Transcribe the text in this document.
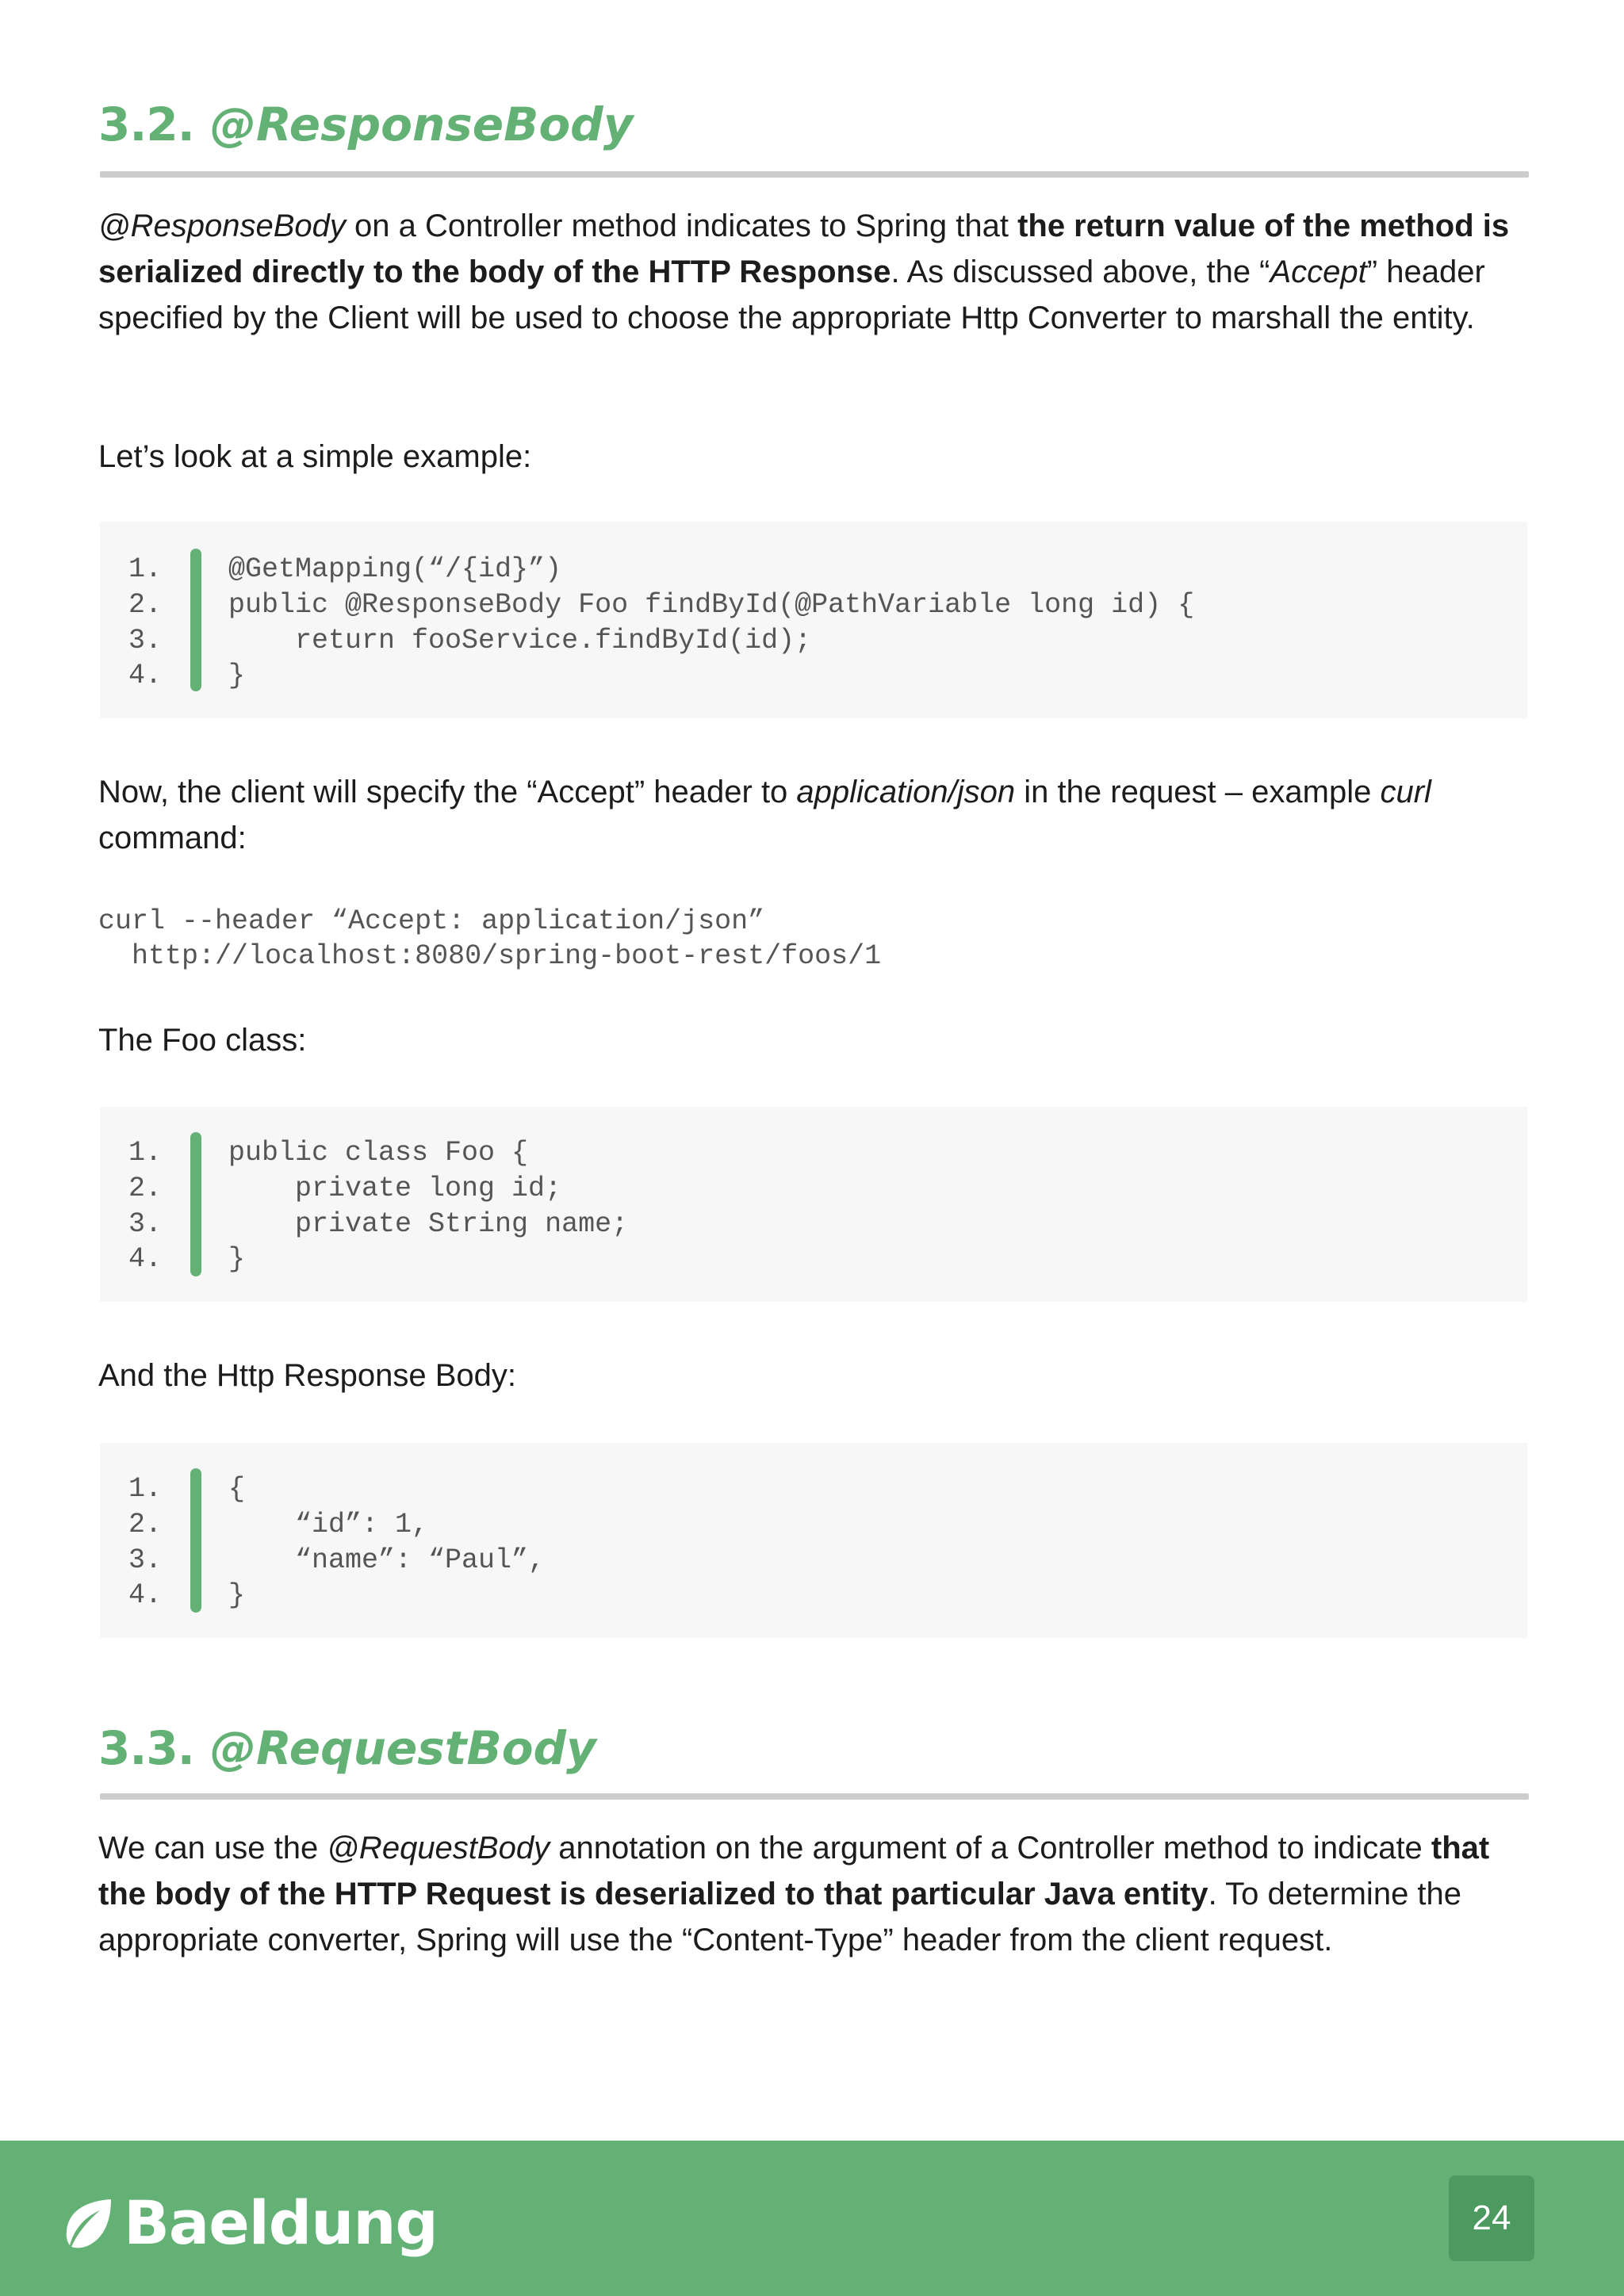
3.2. @ResponseBody

@ResponseBody on a Controller method indicates to Spring that the return value of the method is serialized directly to the body of the HTTP Response. As discussed above, the “Accept” header specified by the Client will be used to choose the appropriate Http Converter to marshall the entity.

Let’s look at a simple example:

1.	@GetMapping(“/{id}”)
2.	public @ResponseBody Foo findById(@PathVariable long id) {
3.	return fooService.findById(id);
4.	}

Now, the client will specify the “Accept” header to application/json in the request – example curl command:

curl --header “Accept: application/json”
http://localhost:8080/spring-boot-rest/foos/1

The Foo class:

1.	public class Foo {
2.	private long id;
3.	private String name;
4.	}

And the Http Response Body:

1.	{
2.	“id”: 1,
3.	“name”: “Paul”,
4.	}
3.3. @RequestBody

We can use the @RequestBody annotation on the argument of a Controller method to indicate that the body of the HTTP Request is deserialized to that particular Java entity. To determine the appropriate converter, Spring will use the “Content-Type” header from the client request.

Baeldung	24
